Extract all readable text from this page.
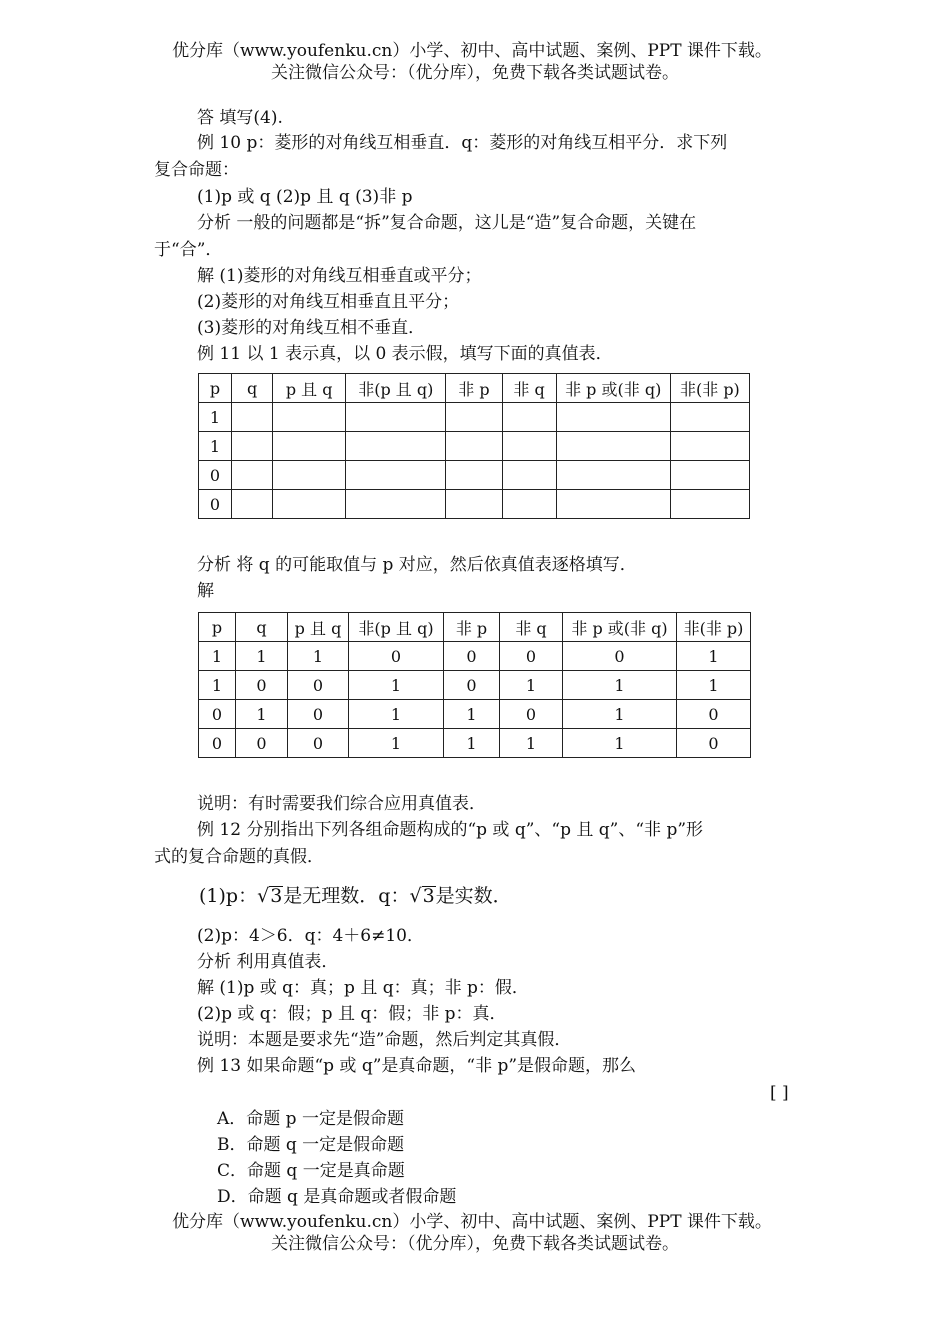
优分库（www.youfenku.cn）小学、初中、高中试题、案例、PPT 课件下载。
关注微信公众号：（优分库），免费下载各类试题试卷。
答 填写(4).
例 10 p：菱形的对角线互相垂直．q：菱形的对角线互相平分．求下列
复合命题：
(1)p 或 q (2)p 且 q (3)非 p
分析 一般的问题都是“拆”复合命题，这儿是“造”复合命题，关键在
于“合”．
解 (1)菱形的对角线互相垂直或平分；
(2)菱形的对角线互相垂直且平分；
(3)菱形的对角线互相不垂直．
例 11 以 1 表示真，以 0 表示假，填写下面的真值表．
p	q	p 且 q	非(p 且 q)	非 p	非 q	非 p 或(非 q)	非(非 p)
1							
1							
0							
0							
分析 将 q 的可能取值与 p 对应，然后依真值表逐格填写．
解
p	q	p 且 q	非(p 且 q)	非 p	非 q	非 p 或(非 q)	非(非 p)
1	1	1	0	0	0	0	1
1	0	0	1	0	1	1	1
0	1	0	1	1	0	1	0
0	0	0	1	1	1	1	0
说明：有时需要我们综合应用真值表．
例 12 分别指出下列各组命题构成的“p 或 q”、“p 且 q”、“非 p”形
式的复合命题的真假．
(1)p：√3是无理数．q：√3是实数．
(2)p：4＞6．q：4＋6≠10．
分析 利用真值表．
解 (1)p 或 q：真；p 且 q：真；非 p：假．
(2)p 或 q：假；p 且 q：假；非 p：真．
说明：本题是要求先“造”命题，然后判定其真假．
例 13 如果命题“p 或 q”是真命题，“非 p”是假命题，那么
[ ]
A．命题 p 一定是假命题
B．命题 q 一定是假命题
C．命题 q 一定是真命题
D．命题 q 是真命题或者假命题
优分库（www.youfenku.cn）小学、初中、高中试题、案例、PPT 课件下载。
关注微信公众号：（优分库），免费下载各类试题试卷。
